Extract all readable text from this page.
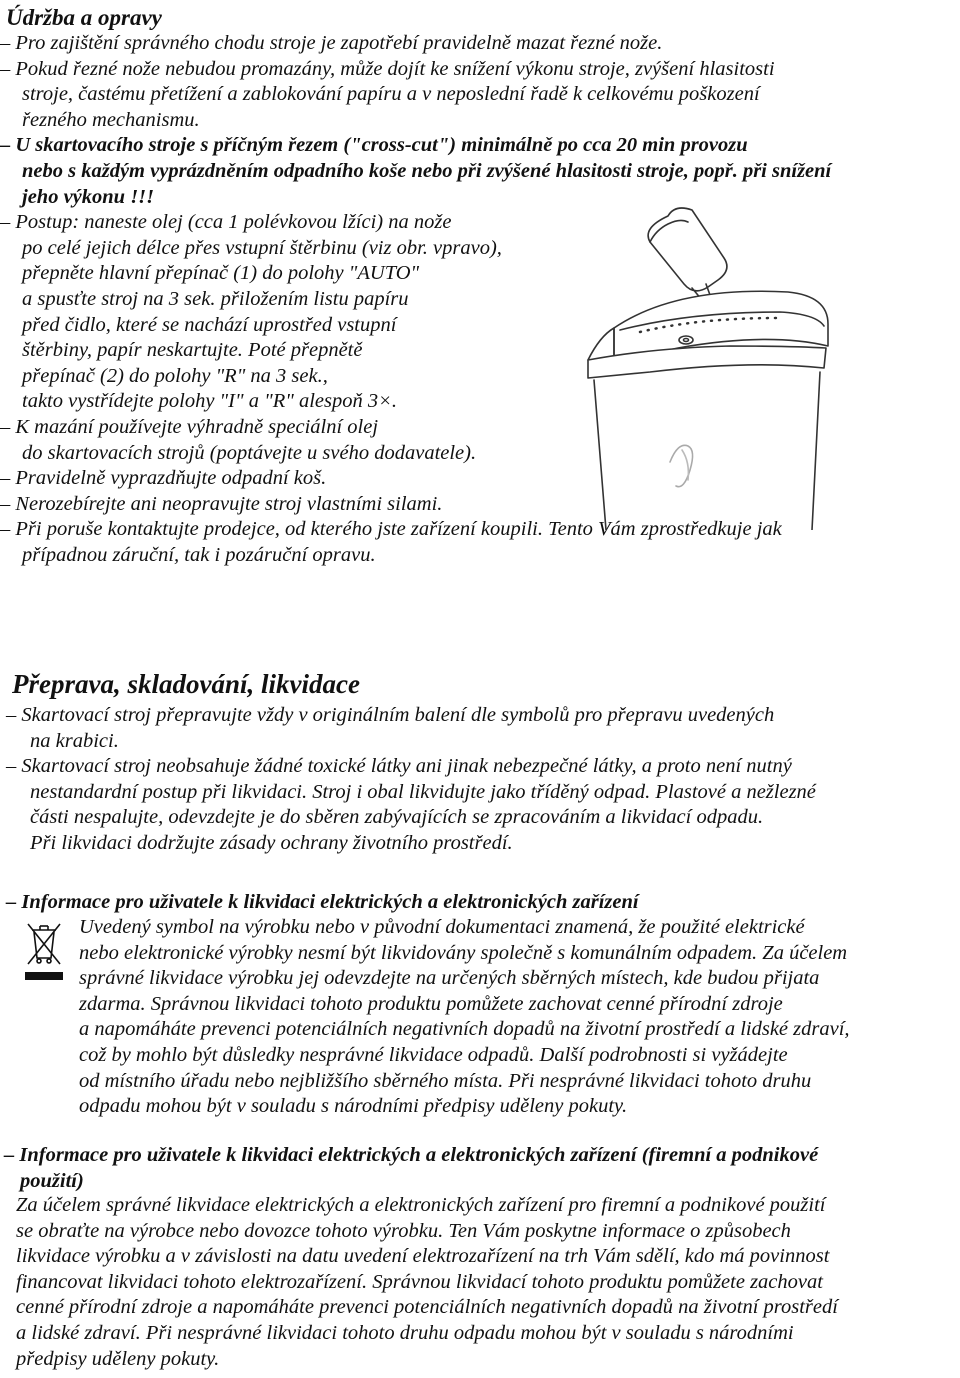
Údržba a opravy
– Pro zajištění správného chodu stroje je zapotřebí pravidelně mazat řezné nože.
– Pokud řezné nože nebudou promazány, může dojít ke snížení výkonu stroje, zvýšení hlasitosti
stroje, častému přetížení a zablokování papíru a v neposlední řadě k celkovému poškození
řezného mechanismu.
– U skartovacího stroje s příčným řezem ("cross-cut") minimálně po cca 20 min provozu
nebo s každým vyprázdněním odpadního koše nebo při zvýšené hlasitosti stroje, popř. při snížení
jeho výkonu !!!
– Postup: naneste olej (cca 1 polévkovou lžíci) na nože
po celé jejich délce přes vstupní štěrbinu (viz obr. vpravo),
přepněte hlavní přepínač (1) do polohy "AUTO"
a spusťte stroj na 3 sek. přiložením listu papíru
před čidlo, které se nachází uprostřed vstupní
štěrbiny, papír neskartujte. Poté přepnětě
přepínač (2) do polohy "R" na 3 sek.,
takto vystřídejte polohy "I" a "R" alespoň 3×.
– K mazání používejte výhradně speciální olej
do skartovacích strojů (poptávejte u svého dodavatele).
– Pravidelně vyprazdňujte odpadní koš.
– Nerozebírejte ani neopravujte stroj vlastními silami.
– Při poruše kontaktujte prodejce, od kterého jste zařízení koupili. Tento Vám zprostředkuje jak
případnou záruční, tak i pozáruční opravu.
Přeprava, skladování, likvidace
– Skartovací stroj přepravujte vždy v originálním balení dle symbolů pro přepravu uvedených
na krabici.
– Skartovací stroj neobsahuje žádné toxické látky ani jinak nebezpečné látky, a proto není nutný
nestandardní postup při likvidaci. Stroj i obal likvidujte jako tříděný odpad. Plastové a nežlezné
části nespalujte, odevzdejte je do sběren zabývajících se zpracováním a likvidací odpadu.
Při likvidaci dodržujte zásady ochrany životního prostředí.
– Informace pro uživatele k likvidaci elektrických a elektronických zařízení
Uvedený symbol na výrobku nebo v původní dokumentaci znamená, že použité elektrické
nebo elektronické výrobky nesmí být likvidovány společně s komunálním odpadem. Za účelem
správné likvidace výrobku jej odevzdejte na určených sběrných místech, kde budou přijata
zdarma. Správnou likvidaci tohoto produktu pomůžete zachovat cenné přírodní zdroje
a napomáháte prevenci potenciálních negativních dopadů na životní prostředí a lidské zdraví,
což by mohlo být důsledky nesprávné likvidace odpadů. Další podrobnosti si vyžádejte
od místního úřadu nebo nejbližšího sběrného místa. Při nesprávné likvidaci tohoto druhu
odpadu mohou být v souladu s národními předpisy uděleny pokuty.
– Informace pro uživatele k likvidaci elektrických a elektronických zařízení (firemní a podnikové
použití)
Za účelem správné likvidace elektrických a elektronických zařízení pro firemní a podnikové použití
se obraťte na výrobce nebo dovozce tohoto výrobku. Ten Vám poskytne informace o způsobech
likvidace výrobku a v závislosti na datu uvedení elektrozařízení na trh Vám sdělí, kdo má povinnost
financovat likvidaci tohoto elektrozařízení. Správnou likvidací tohoto produktu pomůžete zachovat
cenné přírodní zdroje a napomáháte prevenci potenciálních negativních dopadů na životní prostředí
a lidské zdraví. Při nesprávné likvidaci tohoto druhu odpadu mohou být v souladu s národními
předpisy uděleny pokuty.
